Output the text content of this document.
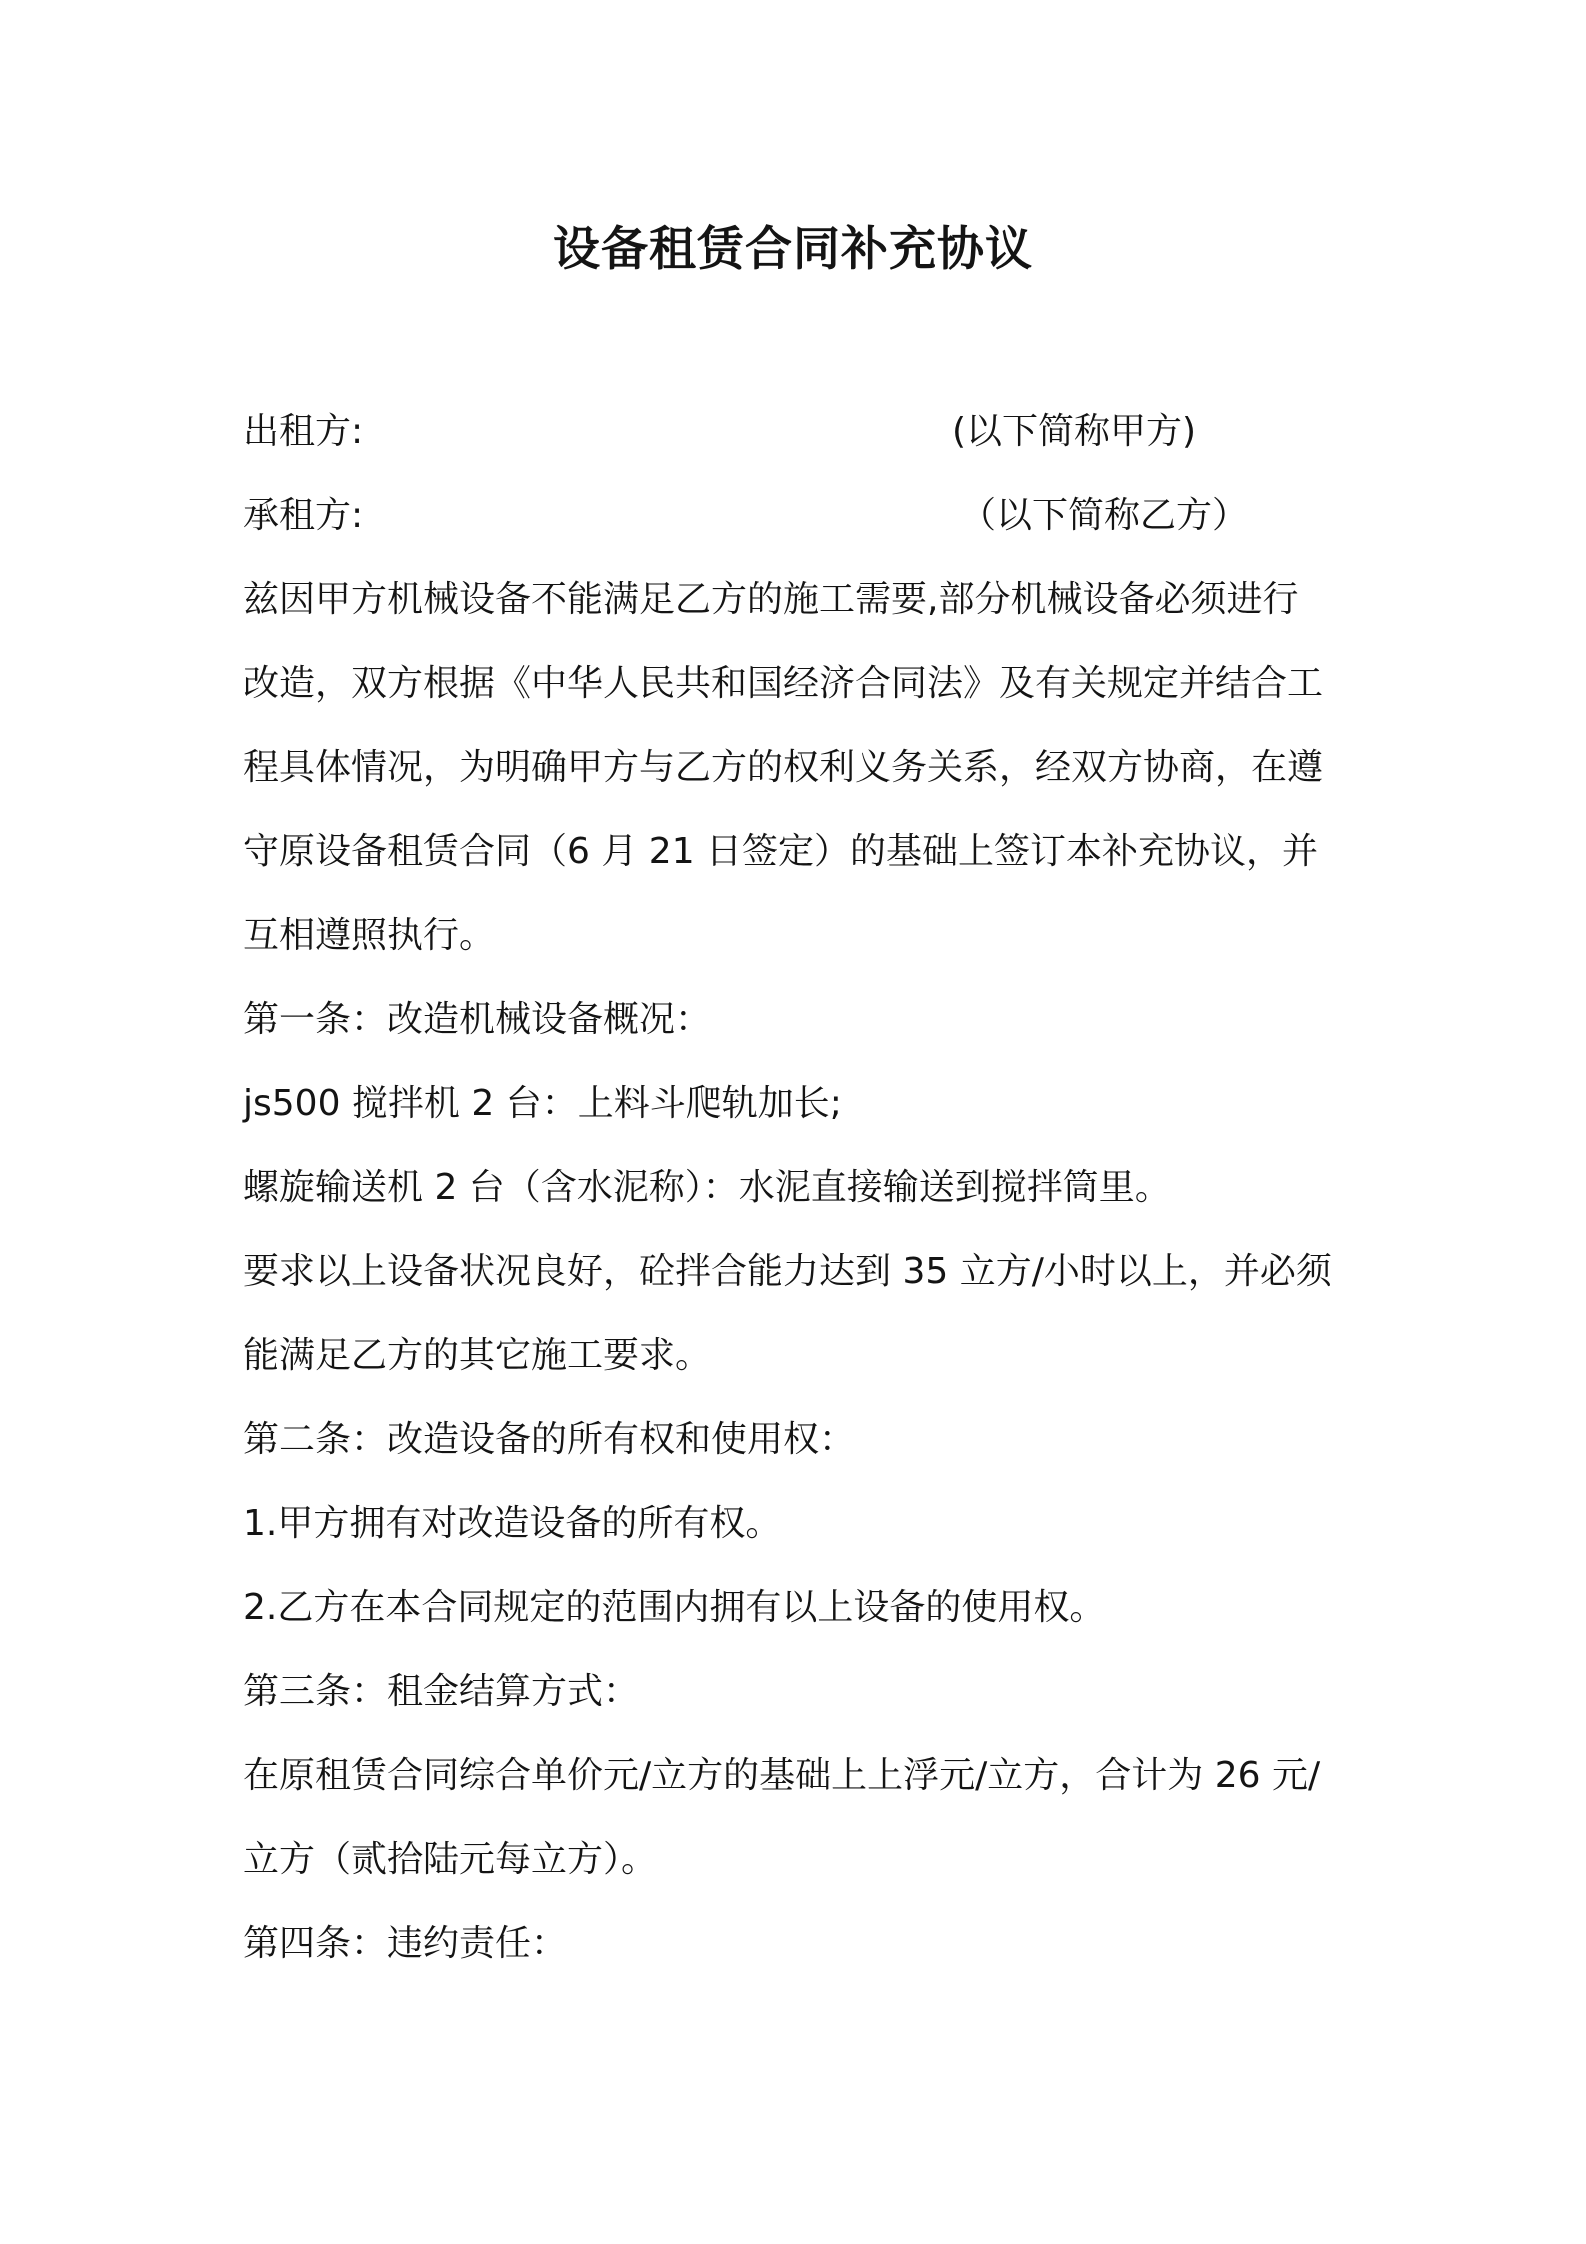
设备租赁合同补充协议
出租方:	(以下简称甲方)
承租方:	（以下简称乙方）
兹因甲方机械设备不能满足乙方的施工需要,部分机械设备必须进行
改造，双方根据《中华人民共和国经济合同法》及有关规定并结合工
程具体情况，为明确甲方与乙方的权利义务关系，经双方协商，在遵
守原设备租赁合同（6 月 21 日签定）的基础上签订本补充协议，并
互相遵照执行。
第一条：改造机械设备概况：
js500 搅拌机 2 台：上料斗爬轨加长;
螺旋输送机 2 台（含水泥称）：水泥直接输送到搅拌筒里。
要求以上设备状况良好，砼拌合能力达到 35 立方/小时以上，并必须
能满足乙方的其它施工要求。
第二条：改造设备的所有权和使用权：
1.甲方拥有对改造设备的所有权。
2.乙方在本合同规定的范围内拥有以上设备的使用权。
第三条：租金结算方式：
在原租赁合同综合单价元/立方的基础上上浮元/立方，合计为 26 元/
立方（贰拾陆元每立方）。
第四条：违约责任：
